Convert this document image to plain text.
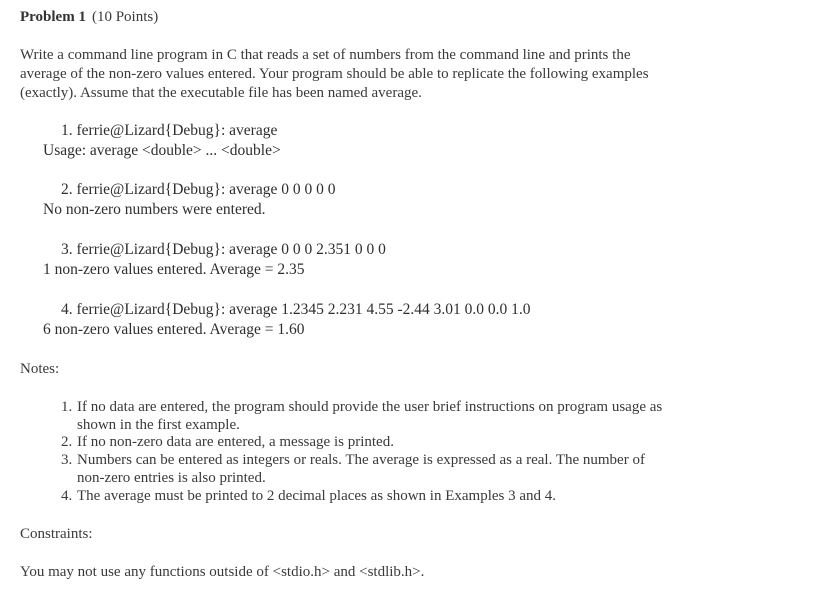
Problem 1 (10 Points)
Write a command line program in C that reads a set of numbers from the command line and prints the
average of the non-zero values entered. Your program should be able to replicate the following examples
(exactly). Assume that the executable file has been named average.
1. ferrie@Lizard{Debug}: average
Usage: average <double> ... <double>
2. ferrie@Lizard{Debug}: average 0 0 0 0 0
No non-zero numbers were entered.
3. ferrie@Lizard{Debug}: average 0 0 0 2.351 0 0 0
1 non-zero values entered. Average = 2.35
4. ferrie@Lizard{Debug}: average 1.2345 2.231 4.55 -2.44 3.01 0.0 0.0 1.0
6 non-zero values entered. Average = 1.60
Notes:
1. If no data are entered, the program should provide the user brief instructions on program usage as
shown in the first example.
2. If no non-zero data are entered, a message is printed.
3. Numbers can be entered as integers or reals. The average is expressed as a real. The number of
non-zero entries is also printed.
4. The average must be printed to 2 decimal places as shown in Examples 3 and 4.
Constraints:
You may not use any functions outside of <stdio.h> and <stdlib.h>.
